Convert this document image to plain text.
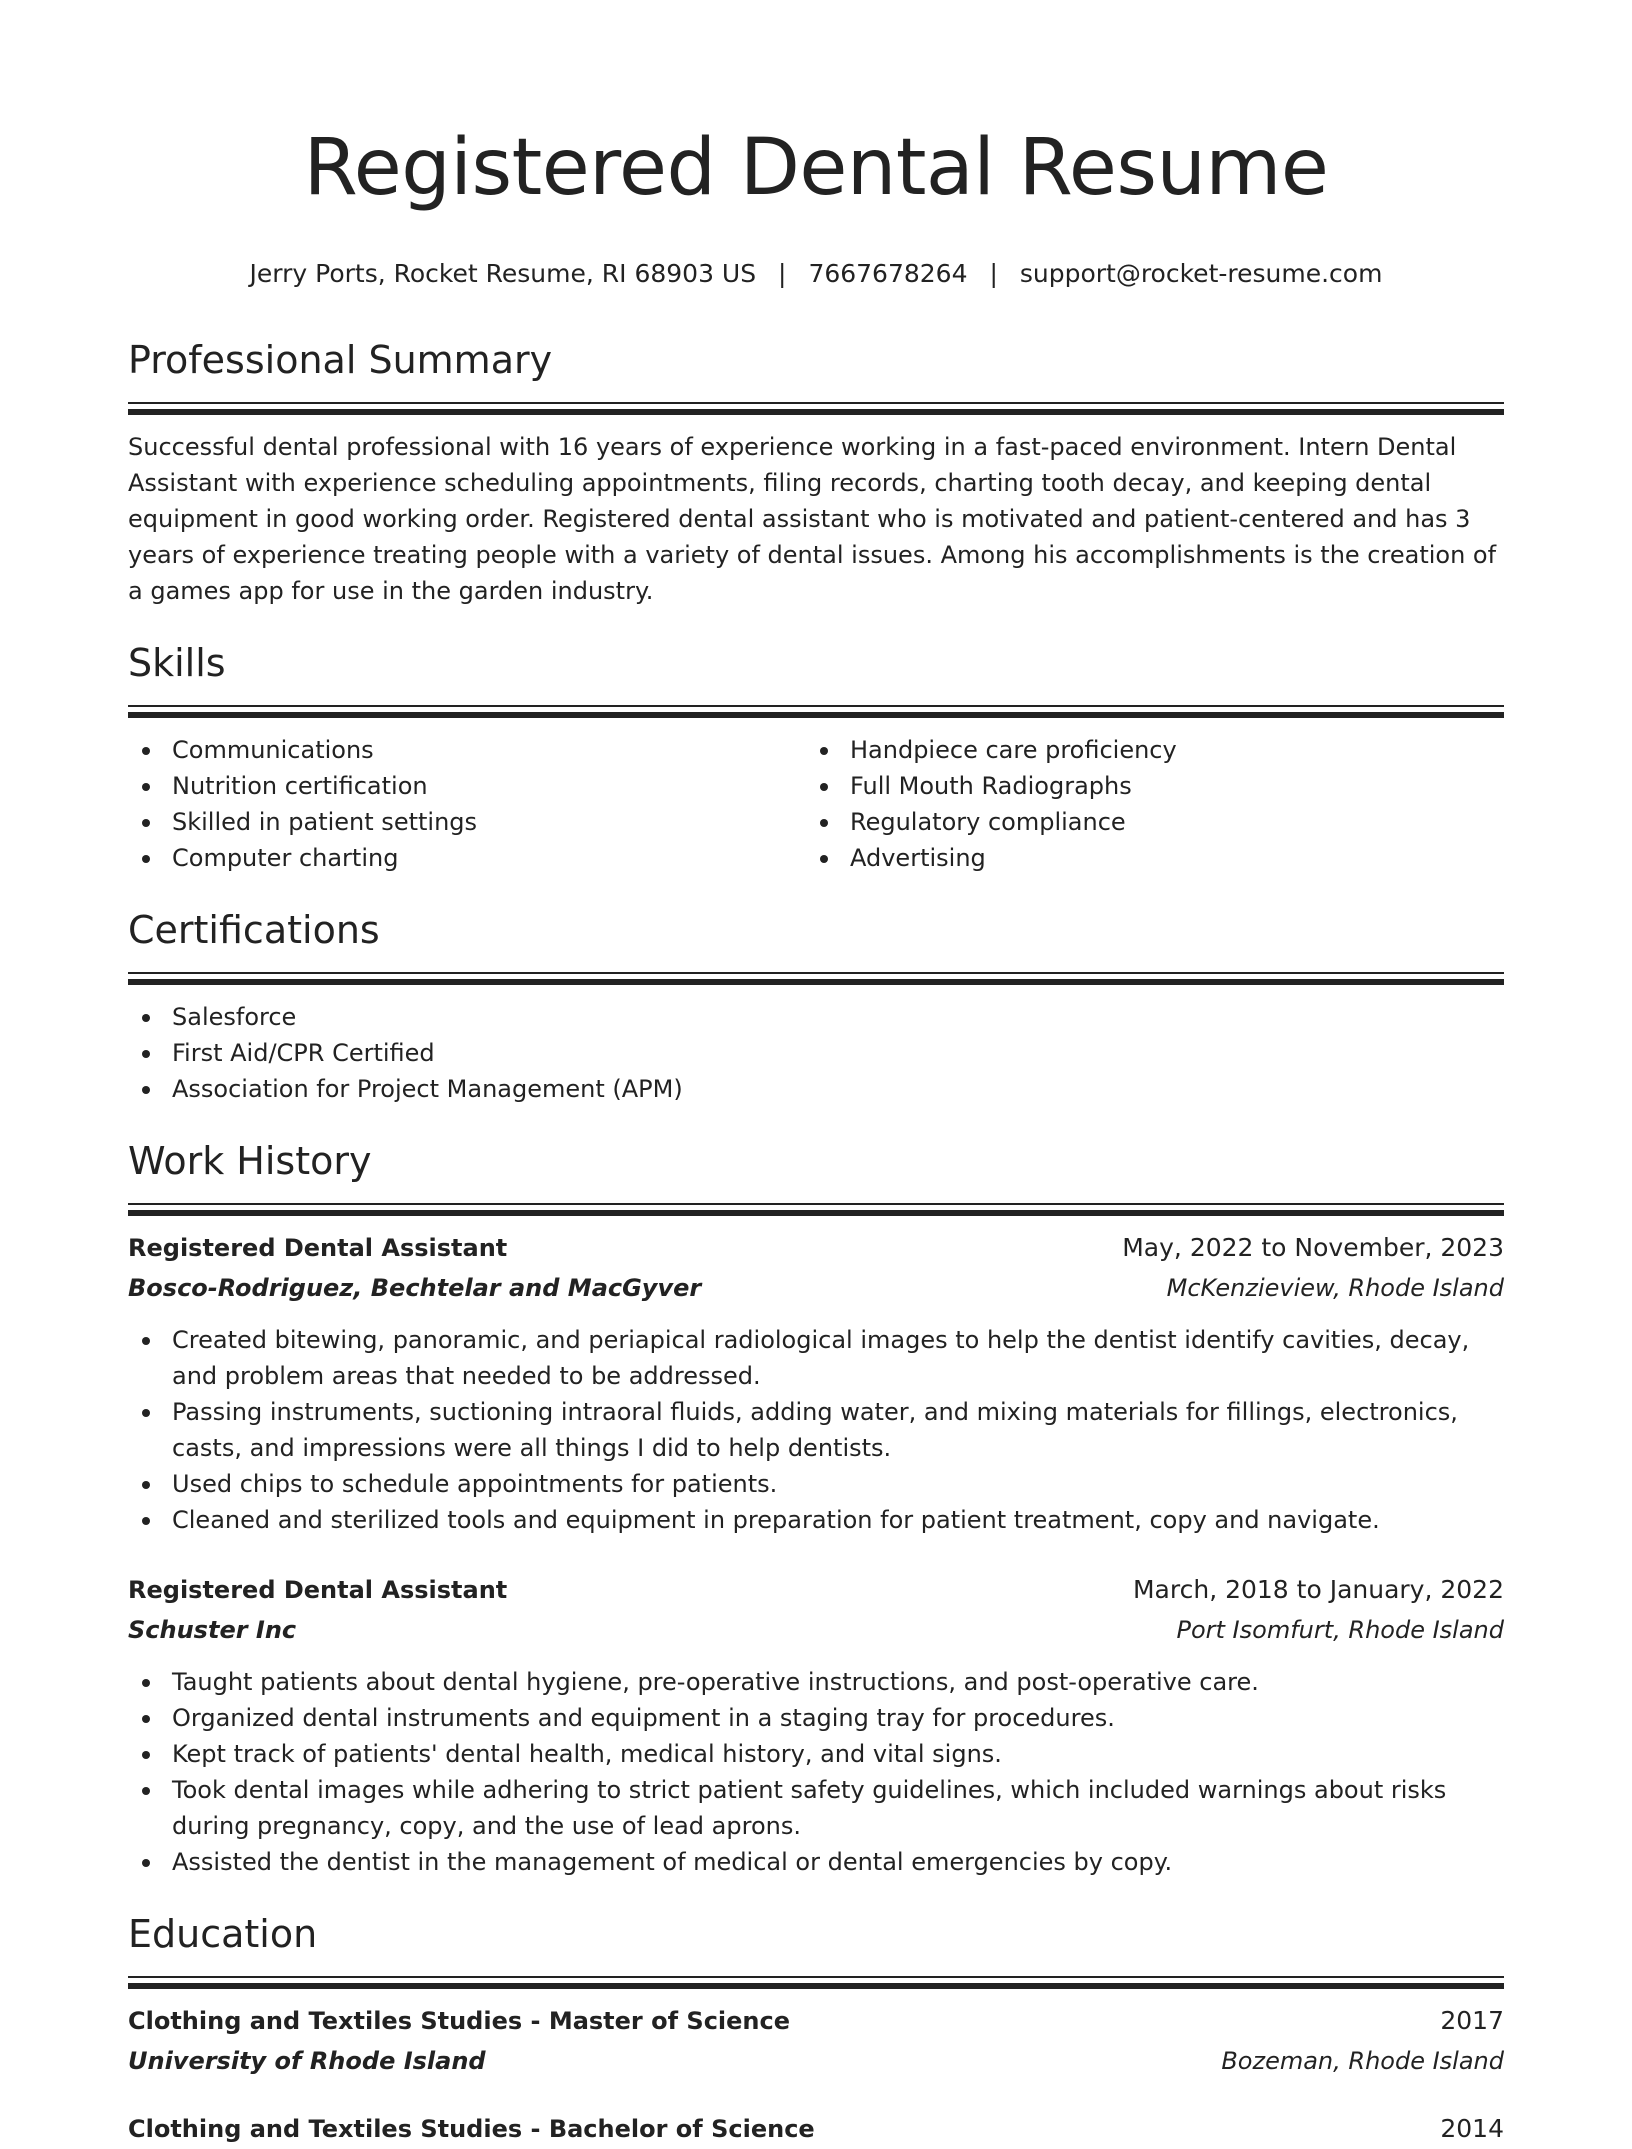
Registered Dental Resume
Jerry Ports, Rocket Resume, RI 68903 US | 7667678264 | support@rocket-resume.com
Professional Summary
Successful dental professional with 16 years of experience working in a fast-paced environment. Intern Dental Assistant with experience scheduling appointments, filing records, charting tooth decay, and keeping dental equipment in good working order. Registered dental assistant who is motivated and patient-centered and has 3 years of experience treating people with a variety of dental issues. Among his accomplishments is the creation of a games app for use in the garden industry.
Skills
Communications
Nutrition certification
Skilled in patient settings
Computer charting
Handpiece care proficiency
Full Mouth Radiographs
Regulatory compliance
Advertising
Certifications
Salesforce
First Aid/CPR Certified
Association for Project Management (APM)
Work History
Registered Dental Assistant	May, 2022 to November, 2023
Bosco-Rodriguez, Bechtelar and MacGyver	McKenzieview, Rhode Island
Created bitewing, panoramic, and periapical radiological images to help the dentist identify cavities, decay, and problem areas that needed to be addressed.
Passing instruments, suctioning intraoral fluids, adding water, and mixing materials for fillings, electronics, casts, and impressions were all things I did to help dentists.
Used chips to schedule appointments for patients.
Cleaned and sterilized tools and equipment in preparation for patient treatment, copy and navigate.
Registered Dental Assistant	March, 2018 to January, 2022
Schuster Inc	Port Isomfurt, Rhode Island
Taught patients about dental hygiene, pre-operative instructions, and post-operative care.
Organized dental instruments and equipment in a staging tray for procedures.
Kept track of patients' dental health, medical history, and vital signs.
Took dental images while adhering to strict patient safety guidelines, which included warnings about risks during pregnancy, copy, and the use of lead aprons.
Assisted the dentist in the management of medical or dental emergencies by copy.
Education
Clothing and Textiles Studies - Master of Science	2017
University of Rhode Island	Bozeman, Rhode Island
Clothing and Textiles Studies - Bachelor of Science	2014
